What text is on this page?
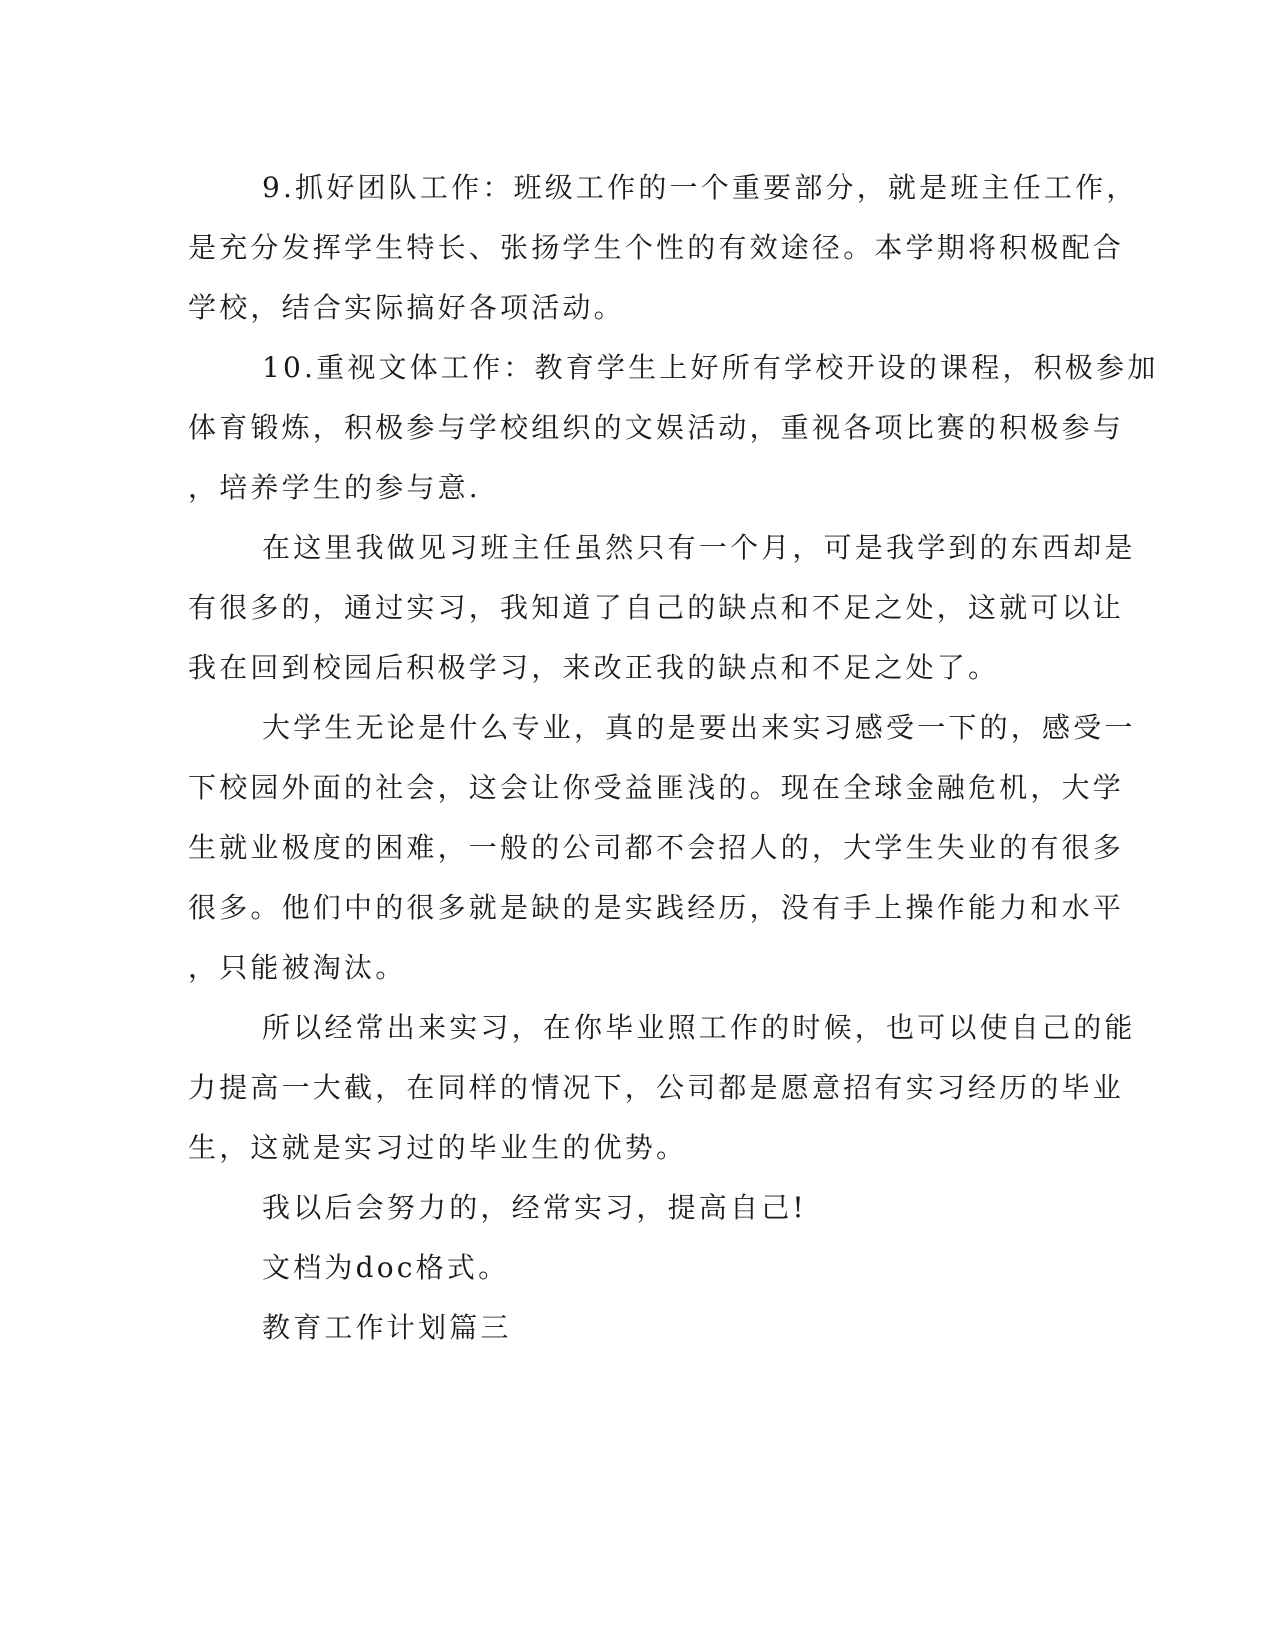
9.抓好团队工作：班级工作的一个重要部分，就是班主任工作，
是充分发挥学生特长、张扬学生个性的有效途径。本学期将积极配合
学校，结合实际搞好各项活动。

10.重视文体工作：教育学生上好所有学校开设的课程，积极参加
体育锻炼，积极参与学校组织的文娱活动，重视各项比赛的积极参与
，培养学生的参与意.

在这里我做见习班主任虽然只有一个月，可是我学到的东西却是
有很多的，通过实习，我知道了自己的缺点和不足之处，这就可以让
我在回到校园后积极学习，来改正我的缺点和不足之处了。

大学生无论是什么专业，真的是要出来实习感受一下的，感受一
下校园外面的社会，这会让你受益匪浅的。现在全球金融危机，大学
生就业极度的困难，一般的公司都不会招人的，大学生失业的有很多
很多。他们中的很多就是缺的是实践经历，没有手上操作能力和水平
，只能被淘汰。

所以经常出来实习，在你毕业照工作的时候，也可以使自己的能
力提高一大截，在同样的情况下，公司都是愿意招有实习经历的毕业
生，这就是实习过的毕业生的优势。

我以后会努力的，经常实习，提高自己!

文档为doc格式。

教育工作计划篇三
